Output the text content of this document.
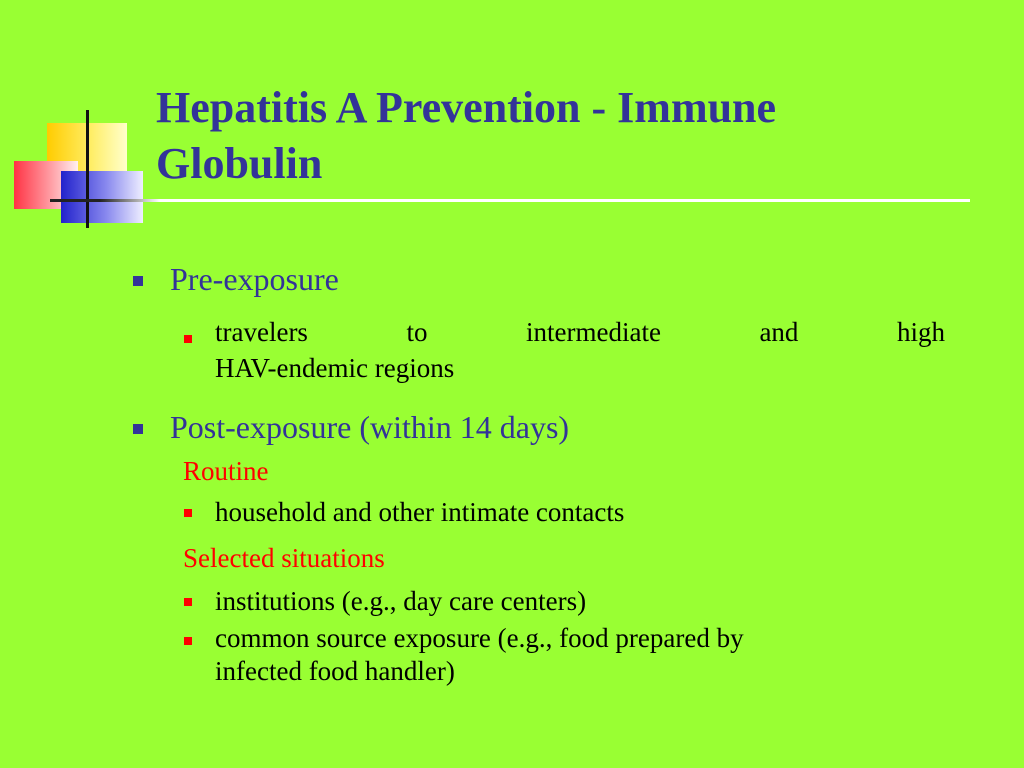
Hepatitis A Prevention - Immune
Globulin
Pre-exposure
travelers	to	intermediate	and	high
HAV-endemic regions
Post-exposure (within 14 days)
Routine
household and other intimate contacts
Selected situations
institutions (e.g., day care centers)
common source exposure (e.g., food prepared by
infected food handler)
